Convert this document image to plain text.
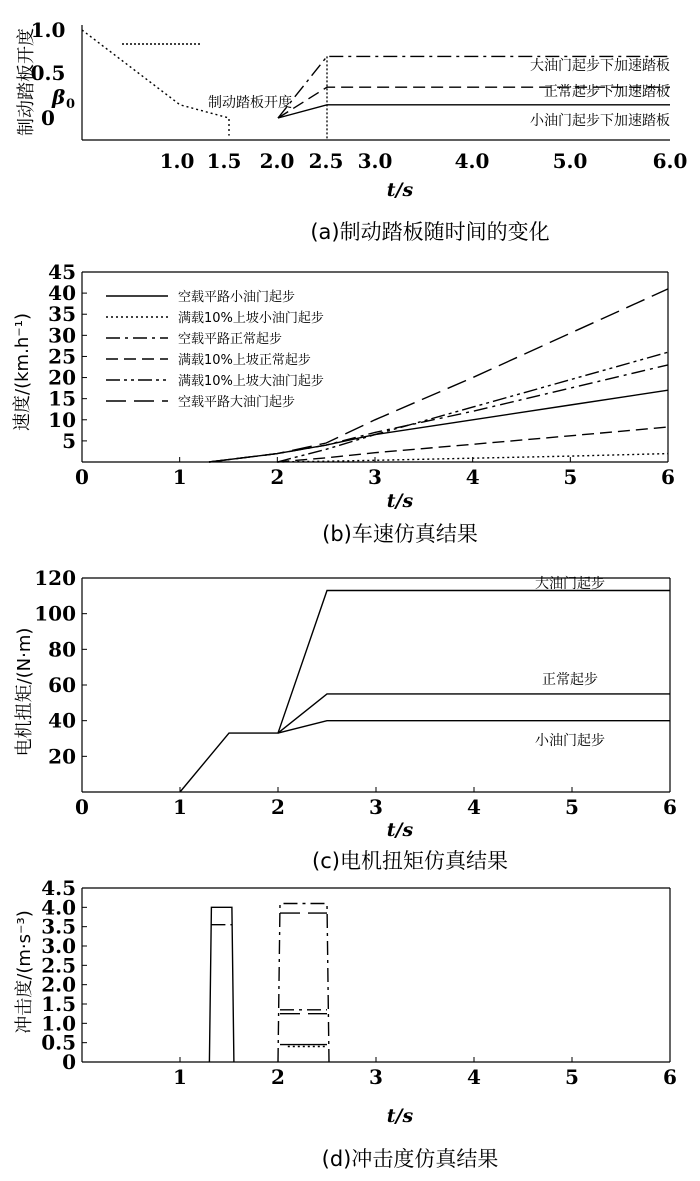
1.0 1.5 2.0 2.5 3.0	4.0	5.0	6.0
1.0
0.5
0
制动踏板开度 β 0	制动踏板开度
大油门起步下加速踏板
正常起步下加速踏板
小油门起步下加速踏板
t/s
(a)制动踏板随时间的变化
0	1	2	3	4	5	6
5
10
15
20
25
30
35
40
45
空载平路小油门起步
满载10%上坡小油门起步
空载平路正常起步
满载10%上坡正常起步
满载10%上坡大油门起步
空载平路大油门起步
速度/(km.h⁻¹)
t/s
(b)车速仿真结果
0	1	2	3	4	5	6
20
40
60
80
100
120
电机扭矩/(N·m)
大油门起步
正常起步
小油门起步
t/s
(c)电机扭矩仿真结果
1	2	3	4	5	6
0
0.5
1.0
1.5
2.0
2.5
3.0
3.5
4.0
4.5
冲击度/(m·s⁻³)
t/s
(d)冲击度仿真结果
